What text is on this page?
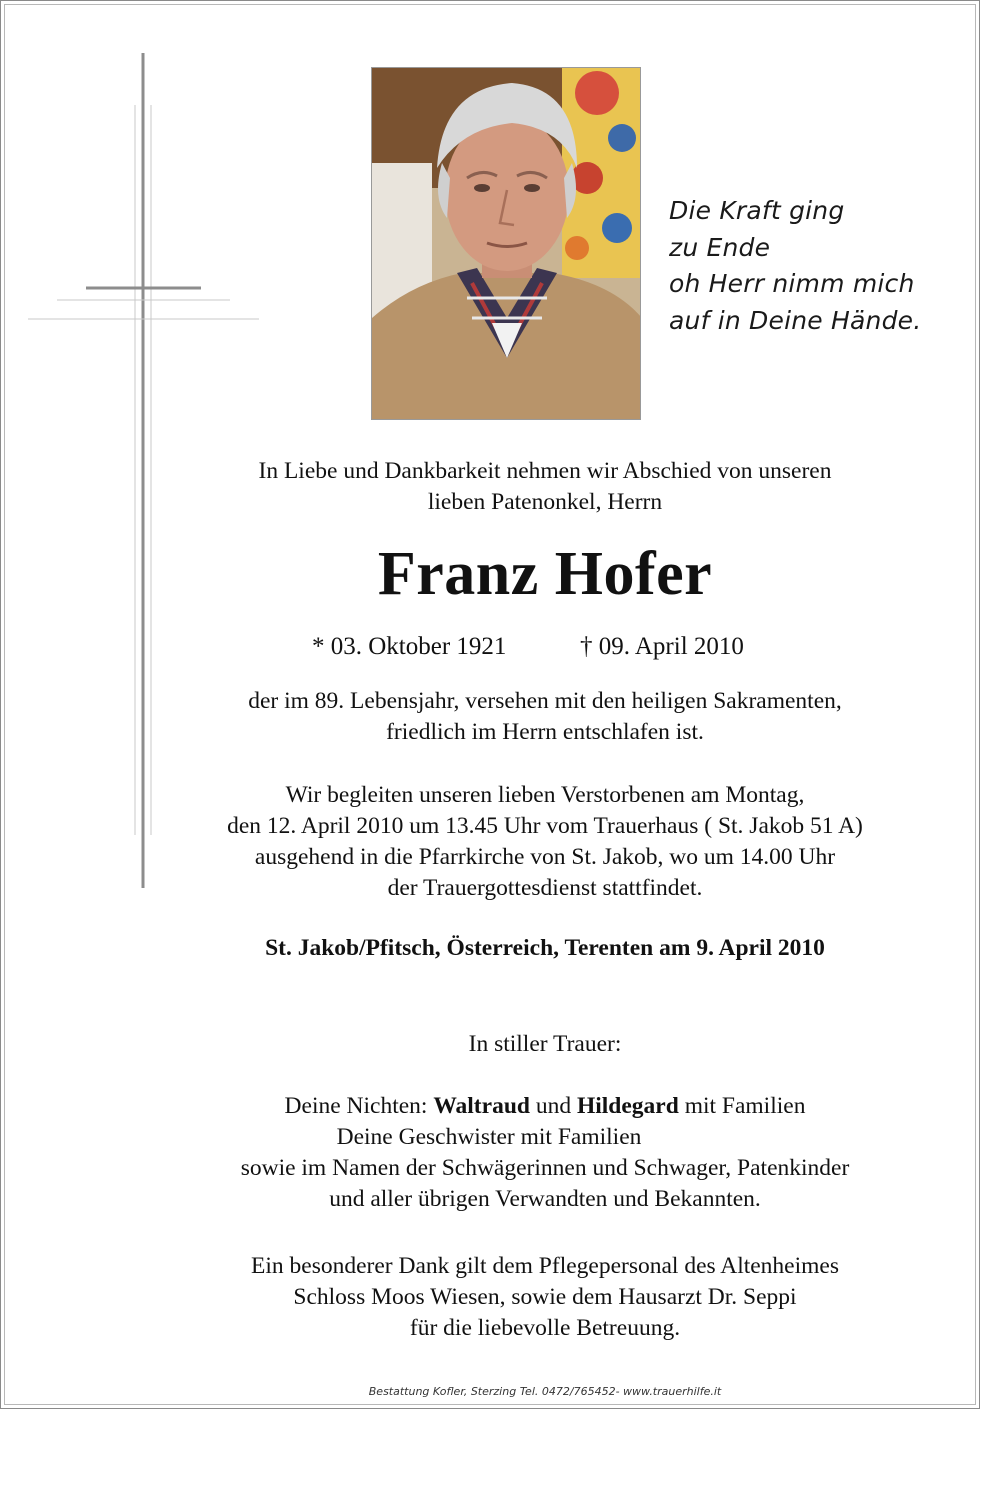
Die Kraft ging
zu Ende
oh Herr nimm mich
auf in Deine Hände.
In Liebe und Dankbarkeit nehmen wir Abschied von unseren
lieben Patenonkel, Herrn
Franz Hofer
* 03. Oktober 1921	† 09. April 2010
der im 89. Lebensjahr, versehen mit den heiligen Sakramenten,
friedlich im Herrn entschlafen ist.
Wir begleiten unseren lieben Verstorbenen am Montag,
den 12. April 2010 um 13.45 Uhr vom Trauerhaus ( St. Jakob 51 A)
ausgehend in die Pfarrkirche von St. Jakob, wo um 14.00 Uhr
der Trauergottesdienst stattfindet.
St. Jakob/Pfitsch, Österreich, Terenten am 9. April 2010
In stiller Trauer:
Deine Nichten: Waltraud und Hildegard mit Familien
Deine Geschwister mit Familien
sowie im Namen der Schwägerinnen und Schwager, Patenkinder
und aller übrigen Verwandten und Bekannten.
Ein besonderer Dank gilt dem Pflegepersonal des Altenheimes
Schloss Moos Wiesen, sowie dem Hausarzt Dr. Seppi
für die liebevolle Betreuung.
Bestattung Kofler, Sterzing Tel. 0472/765452- www.trauerhilfe.it
